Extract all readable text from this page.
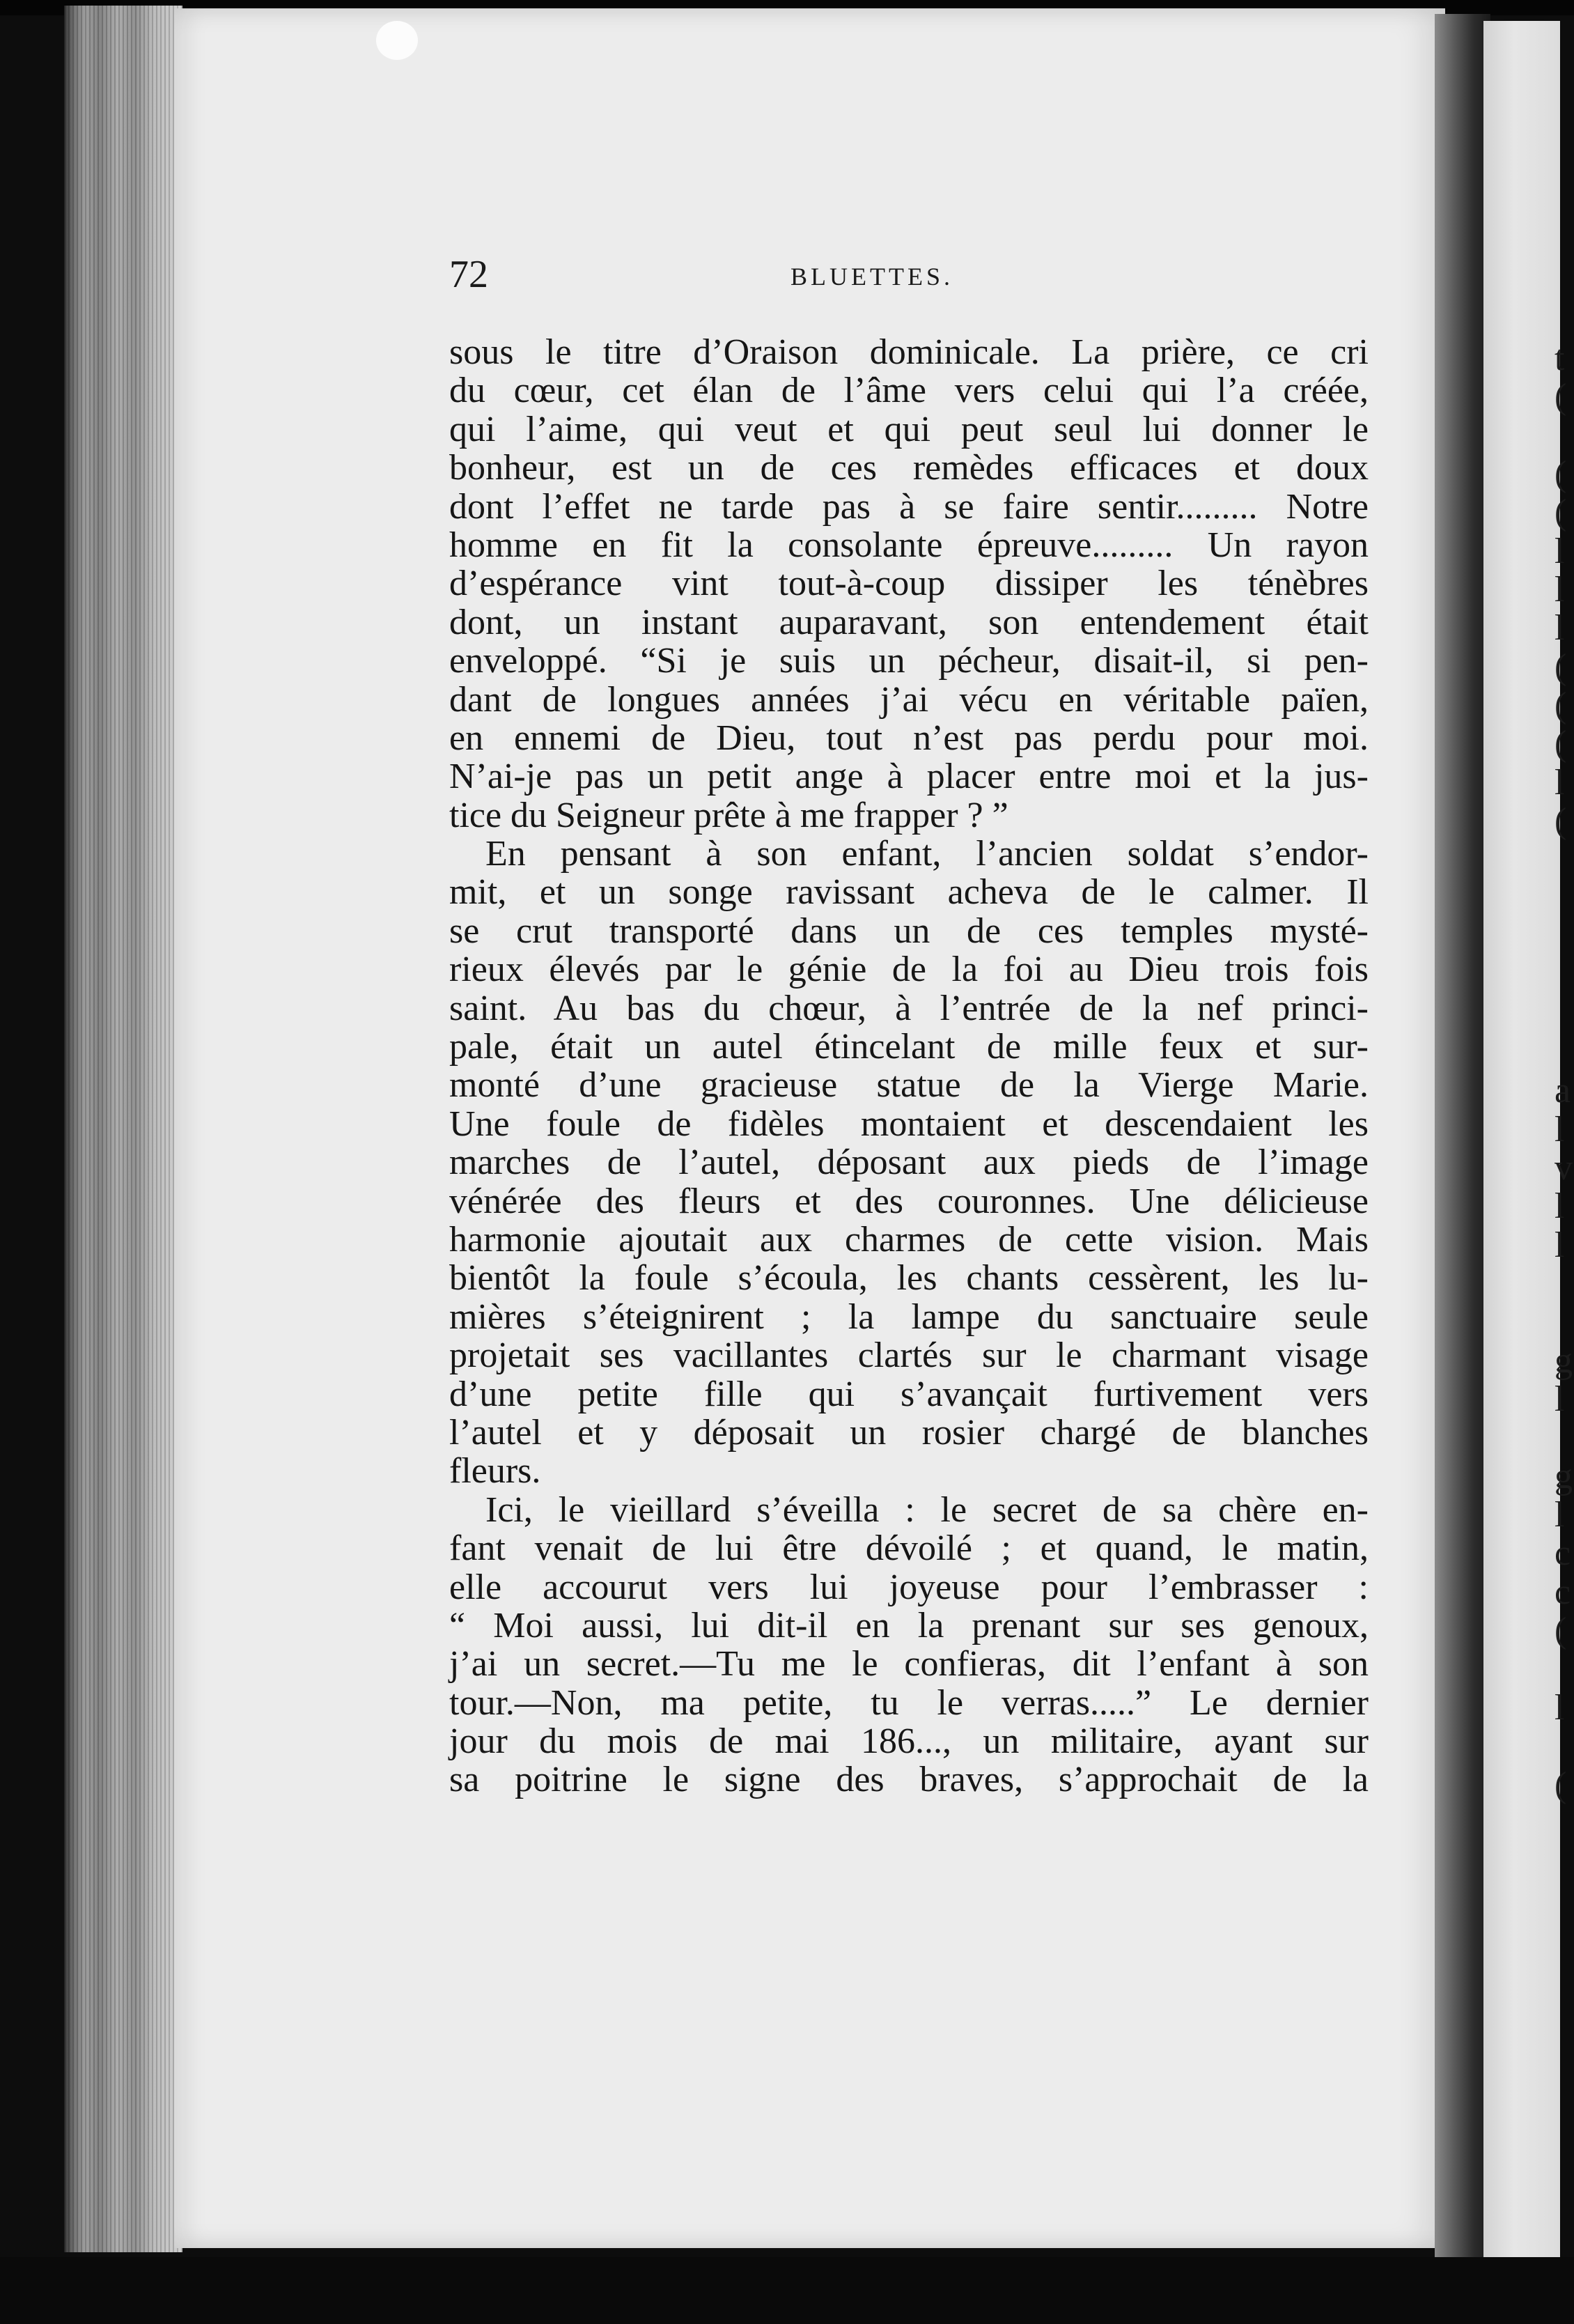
t
(
(
(
l
l
l
(
(
(
l
(
a
l
v
l
l
g
l
g
l
c
c
(
l
(
72	BLUETTES.
sous le titre d’Oraison dominicale. La prière, ce cri
du cœur, cet élan de l’âme vers celui qui l’a créée,
qui l’aime, qui veut et qui peut seul lui donner le
bonheur, est un de ces remèdes efficaces et doux
dont l’effet ne tarde pas à se faire sentir......... Notre
homme en fit la consolante épreuve......... Un rayon
d’espérance vint tout-à-coup dissiper les ténèbres
dont, un instant auparavant, son entendement était
enveloppé. “Si je suis un pécheur, disait-il, si pen-
dant de longues années j’ai vécu en véritable païen,
en ennemi de Dieu, tout n’est pas perdu pour moi.
N’ai-je pas un petit ange à placer entre moi et la jus-
tice du Seigneur prête à me frapper ? ”
En pensant à son enfant, l’ancien soldat s’endor-
mit, et un songe ravissant acheva de le calmer. Il
se crut transporté dans un de ces temples mysté-
rieux élevés par le génie de la foi au Dieu trois fois
saint. Au bas du chœur, à l’entrée de la nef princi-
pale, était un autel étincelant de mille feux et sur-
monté d’une gracieuse statue de la Vierge Marie.
Une foule de fidèles montaient et descendaient les
marches de l’autel, déposant aux pieds de l’image
vénérée des fleurs et des couronnes. Une délicieuse
harmonie ajoutait aux charmes de cette vision. Mais
bientôt la foule s’écoula, les chants cessèrent, les lu-
mières s’éteignirent ; la lampe du sanctuaire seule
projetait ses vacillantes clartés sur le charmant visage
d’une petite fille qui s’avançait furtivement vers
l’autel et y déposait un rosier chargé de blanches
fleurs.
Ici, le vieillard s’éveilla : le secret de sa chère en-
fant venait de lui être dévoilé ; et quand, le matin,
elle accourut vers lui joyeuse pour l’embrasser :
“ Moi aussi, lui dit-il en la prenant sur ses genoux,
j’ai un secret.—Tu me le confieras, dit l’enfant à son
tour.—Non, ma petite, tu le verras.....” Le dernier
jour du mois de mai 186..., un militaire, ayant sur
sa poitrine le signe des braves, s’approchait de la
